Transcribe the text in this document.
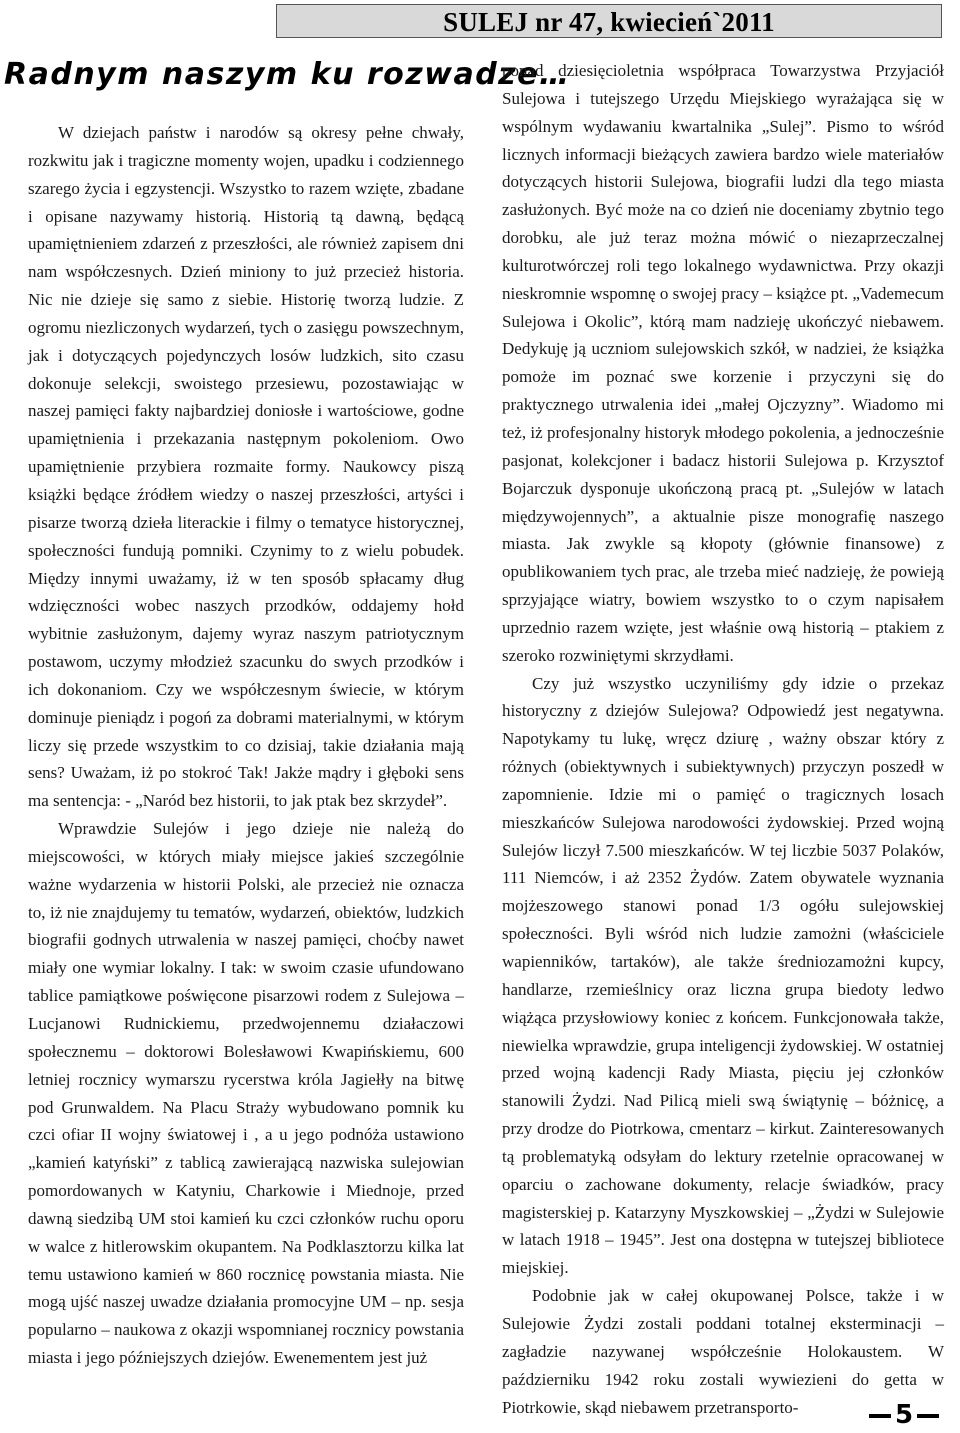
SULEJ nr 47, kwiecień`2011
Radnym naszym ku rozwadze…

W dziejach państw i narodów są okresy pełne chwały, rozkwitu jak i tragiczne momenty wojen, upadku i codziennego szarego życia i egzystencji. Wszystko to razem wzięte, zbadane i opisane nazywamy historią. Historią tą dawną, będącą upamiętnieniem zdarzeń z przeszłości, ale również zapisem dni nam współczesnych. Dzień miniony to już przecież historia. Nic nie dzieje się samo z siebie. Historię tworzą ludzie. Z ogromu niezliczonych wydarzeń, tych o zasięgu powszechnym, jak i dotyczących pojedynczych losów ludzkich, sito czasu dokonuje selekcji, swoistego przesiewu, pozostawiając w naszej pamięci fakty najbardziej doniosłe i wartościowe, godne upamiętnienia i przekazania następnym pokoleniom. Owo upamiętnienie przybiera rozmaite formy. Naukowcy piszą książki będące źródłem wiedzy o naszej przeszłości, artyści i pisarze tworzą dzieła literackie i filmy o tematyce historycznej, społeczności fundują pomniki. Czynimy to z wielu pobudek. Między innymi uważamy, iż w ten sposób spłacamy dług wdzięczności wobec naszych przodków, oddajemy hołd wybitnie zasłużonym, dajemy wyraz naszym patriotycznym postawom, uczymy młodzież szacunku do swych przodków i ich dokonaniom. Czy we współczesnym świecie, w którym dominuje pieniądz i pogoń za dobrami materialnymi, w którym liczy się przede wszystkim to co dzisiaj, takie działania mają sens? Uważam, iż po stokroć Tak! Jakże mądry i głęboki sens ma sentencja: - „Naród bez historii, to jak ptak bez skrzydeł”.

Wprawdzie Sulejów i jego dzieje nie należą do miejscowości, w których miały miejsce jakieś szczególnie ważne wydarzenia w historii Polski, ale przecież nie oznacza to, iż nie znajdujemy tu tematów, wydarzeń, obiektów, ludzkich biografii godnych utrwalenia w naszej pamięci, choćby nawet miały one wymiar lokalny. I tak: w swoim czasie ufundowano tablice pamiątkowe poświęcone pisarzowi rodem z Sulejowa – Lucjanowi Rudnickiemu, przedwojennemu działaczowi społecznemu – doktorowi Bolesławowi Kwapińskiemu, 600 letniej rocznicy wymarszu rycerstwa króla Jagiełły na bitwę pod Grunwaldem. Na Placu Straży wybudowano pomnik ku czci ofiar II wojny światowej i , a u jego podnóża ustawiono „kamień katyński” z tablicą zawierającą nazwiska sulejowian pomordowanych w Katyniu, Charkowie i Miednoje, przed dawną siedzibą UM stoi kamień ku czci członków ruchu oporu w walce z hitlerowskim okupantem. Na Podklasztorzu kilka lat temu ustawiono kamień w 860 rocznicę powstania miasta. Nie mogą ujść naszej uwadze działania promocyjne UM – np. sesja popularno – naukowa z okazji wspomnianej rocznicy powstania miasta i jego późniejszych dziejów. Ewenementem jest już

ponad dziesięcioletnia współpraca Towarzystwa Przyjaciół Sulejowa i tutejszego Urzędu Miejskiego wyrażająca się w wspólnym wydawaniu kwartalnika „Sulej”. Pismo to wśród licznych informacji bieżących zawiera bardzo wiele materiałów dotyczących historii Sulejowa, biografii ludzi dla tego miasta zasłużonych. Być może na co dzień nie doceniamy zbytnio tego dorobku, ale już teraz można mówić o niezaprzeczalnej kulturotwórczej roli tego lokalnego wydawnictwa. Przy okazji nieskromnie wspomnę o swojej pracy – książce pt. „Vademecum Sulejowa i Okolic”, którą mam nadzieję ukończyć niebawem. Dedykuję ją uczniom sulejowskich szkół, w nadziei, że książka pomoże im poznać swe korzenie i przyczyni się do praktycznego utrwalenia idei „małej Ojczyzny”. Wiadomo mi też, iż profesjonalny historyk młodego pokolenia, a jednocześnie pasjonat, kolekcjoner i badacz historii Sulejowa p. Krzysztof Bojarczuk dysponuje ukończoną pracą pt. „Sulejów w latach międzywojennych”, a aktualnie pisze monografię naszego miasta. Jak zwykle są kłopoty (głównie finansowe) z opublikowaniem tych prac, ale trzeba mieć nadzieję, że powieją sprzyjające wiatry, bowiem wszystko to o czym napisałem uprzednio razem wzięte, jest właśnie ową historią – ptakiem z szeroko rozwiniętymi skrzydłami.

Czy już wszystko uczyniliśmy gdy idzie o przekaz historyczny z dziejów Sulejowa? Odpowiedź jest negatywna. Napotykamy tu lukę, wręcz dziurę , ważny obszar który z różnych (obiektywnych i subiektywnych) przyczyn poszedł w zapomnienie. Idzie mi o pamięć o tragicznych losach mieszkańców Sulejowa narodowości żydowskiej. Przed wojną Sulejów liczył 7.500 mieszkańców. W tej liczbie 5037 Polaków, 111 Niemców, i aż 2352 Żydów. Zatem obywatele wyznania mojżeszowego stanowi ponad 1/3 ogółu sulejowskiej społeczności. Byli wśród nich ludzie zamożni (właściciele wapienników, tartaków), ale także średniozamożni kupcy, handlarze, rzemieślnicy oraz liczna grupa biedoty ledwo wiążąca przysłowiowy koniec z końcem. Funkcjonowała także, niewielka wprawdzie, grupa inteligencji żydowskiej. W ostatniej przed wojną kadencji Rady Miasta, pięciu jej członków stanowili Żydzi. Nad Pilicą mieli swą świątynię – bóżnicę, a przy drodze do Piotrkowa, cmentarz – kirkut. Zainteresowanych tą problematyką odsyłam do lektury rzetelnie opracowanej w oparciu o zachowane dokumenty, relacje świadków, pracy magisterskiej p. Katarzyny Myszkowskiej – „Żydzi w Sulejowie w latach 1918 – 1945”. Jest ona dostępna w tutejszej bibliotece miejskiej.

Podobnie jak w całej okupowanej Polsce, także i w Sulejowie Żydzi zostali poddani totalnej eksterminacji – zagładzie nazywanej współcześnie Holokaustem. W październiku 1942 roku zostali wywiezieni do getta w Piotrkowie, skąd niebawem przetransporto-	5
